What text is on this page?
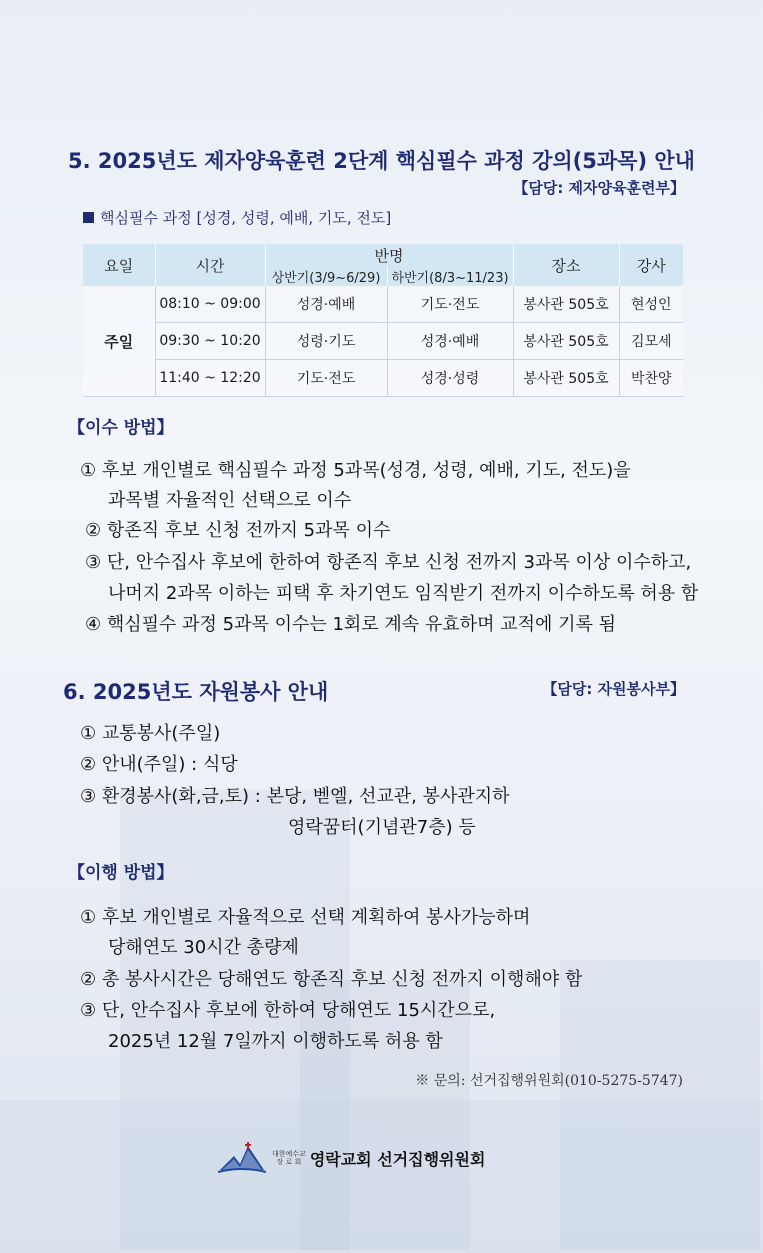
5. 2025년도 제자양육훈련 2단계 핵심필수 과정 강의(5과목) 안내
【담당: 제자양육훈련부】
핵심필수 과정 [성경, 성령, 예배, 기도, 전도]
요일	시간	반명		장소	강사
		상반기(3/9~6/29)	하반기(8/3~11/23)		
주일	08:10 ~ 09:00	성경·예배	기도·전도	봉사관 505호	현성인
	09:30 ~ 10:20	성령·기도	성경·예배	봉사관 505호	김모세
	11:40 ~ 12:20	기도·전도	성경·성령	봉사관 505호	박찬양
【이수 방법】
① 후보 개인별로 핵심필수 과정 5과목(성경, 성령, 예배, 기도, 전도)을
과목별 자율적인 선택으로 이수
② 항존직 후보 신청 전까지 5과목 이수
③ 단, 안수집사 후보에 한하여 항존직 후보 신청 전까지 3과목 이상 이수하고,
나머지 2과목 이하는 피택 후 차기연도 임직받기 전까지 이수하도록 허용 함
④ 핵심필수 과정 5과목 이수는 1회로 계속 유효하며 교적에 기록 됨
6. 2025년도 자원봉사 안내	【담당: 자원봉사부】
① 교통봉사(주일)
② 안내(주일) : 식당
③ 환경봉사(화,금,토) : 본당, 벧엘, 선교관, 봉사관지하
영락꿈터(기념관7층) 등
【이행 방법】
① 후보 개인별로 자율적으로 선택 계획하여 봉사가능하며
당해연도 30시간 총량제
② 총 봉사시간은 당해연도 항존직 후보 신청 전까지 이행해야 함
③ 단, 안수집사 후보에 한하여 당해연도 15시간으로,
2025년 12월 7일까지 이행하도록 허용 함
※ 문의: 선거집행위원회(010-5275-5747)
대한예수교
장 로 회 영락교회 선거집행위원회
